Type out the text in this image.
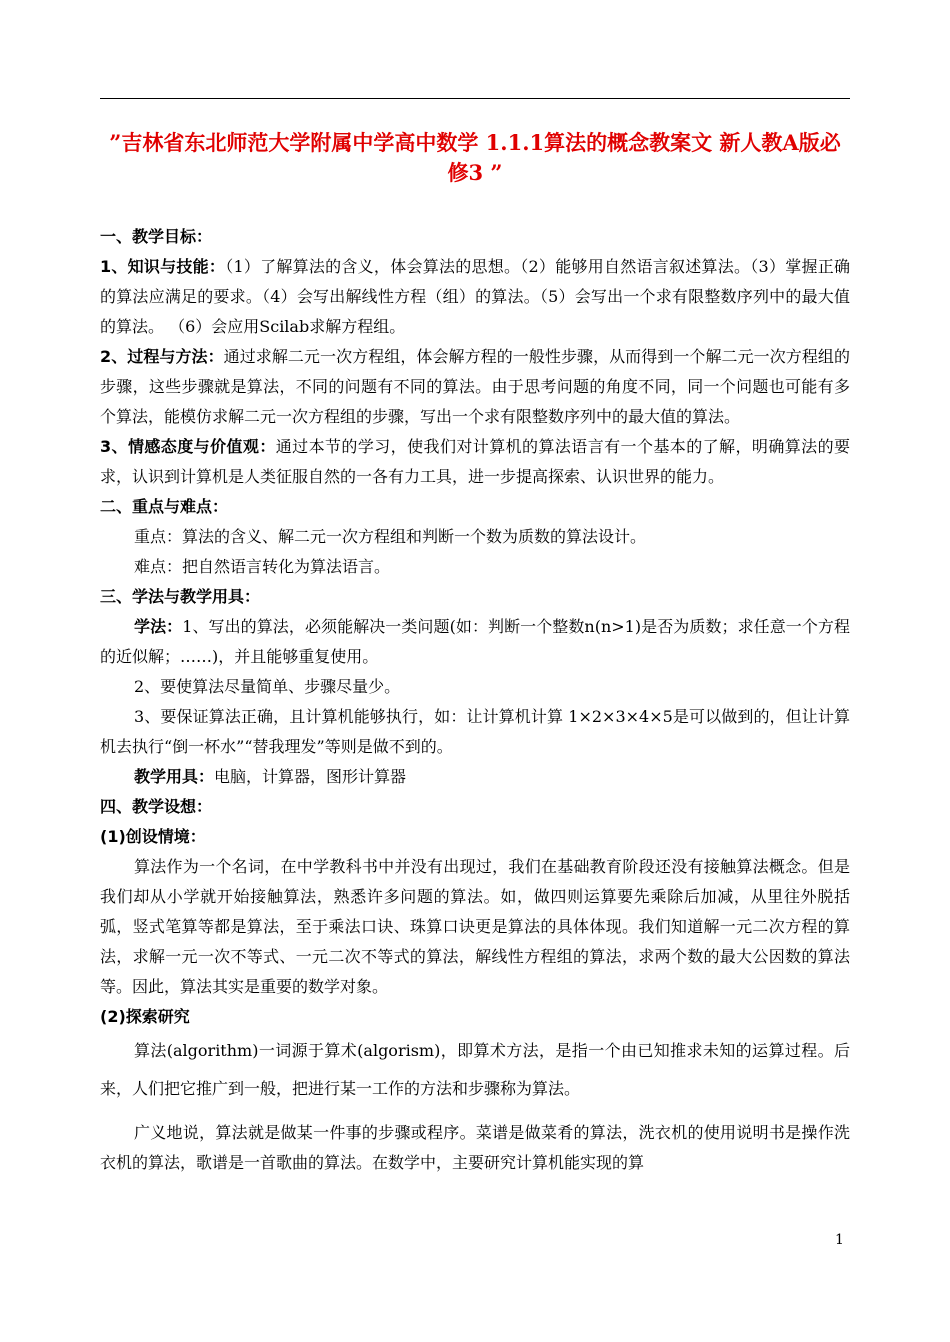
”吉林省东北师范大学附属中学高中数学 1.1.1算法的概念教案文 新人教A版必修3 ”

一、教学目标：

1、知识与技能：（1）了解算法的含义，体会算法的思想。（2）能够用自然语言叙述算法。（3）掌握正确的算法应满足的要求。（4）会写出解线性方程（组）的算法。（5）会写出一个求有限整数序列中的最大值的算法。 （6）会应用Scilab求解方程组。

2、过程与方法：通过求解二元一次方程组，体会解方程的一般性步骤，从而得到一个解二元一次方程组的步骤，这些步骤就是算法，不同的问题有不同的算法。由于思考问题的角度不同，同一个问题也可能有多个算法，能模仿求解二元一次方程组的步骤，写出一个求有限整数序列中的最大值的算法。

3、情感态度与价值观：通过本节的学习，使我们对计算机的算法语言有一个基本的了解，明确算法的要求，认识到计算机是人类征服自然的一各有力工具，进一步提高探索、认识世界的能力。

二、重点与难点：

重点：算法的含义、解二元一次方程组和判断一个数为质数的算法设计。

难点：把自然语言转化为算法语言。

三、学法与教学用具：

学法：1、写出的算法，必须能解决一类问题(如：判断一个整数n(n>1)是否为质数；求任意一个方程的近似解；……)，并且能够重复使用。

2、要使算法尽量简单、步骤尽量少。

3、要保证算法正确，且计算机能够执行，如：让计算机计算 1×2×3×4×5是可以做到的，但让计算机去执行“倒一杯水”“替我理发”等则是做不到的。

教学用具：电脑，计算器，图形计算器

四、教学设想：

(1)创设情境：

算法作为一个名词，在中学教科书中并没有出现过，我们在基础教育阶段还没有接触算法概念。但是我们却从小学就开始接触算法，熟悉许多问题的算法。如，做四则运算要先乘除后加减，从里往外脱括弧，竖式笔算等都是算法，至于乘法口诀、珠算口诀更是算法的具体体现。我们知道解一元二次方程的算法，求解一元一次不等式、一元二次不等式的算法，解线性方程组的算法，求两个数的最大公因数的算法等。因此，算法其实是重要的数学对象。

(2)探索研究

算法(algorithm)一词源于算术(algorism)，即算术方法，是指一个由已知推求未知的运算过程。后来，人们把它推广到一般，把进行某一工作的方法和步骤称为算法。

广义地说，算法就是做某一件事的步骤或程序。菜谱是做菜肴的算法，洗衣机的使用说明书是操作洗衣机的算法，歌谱是一首歌曲的算法。在数学中，主要研究计算机能实现的算

1
